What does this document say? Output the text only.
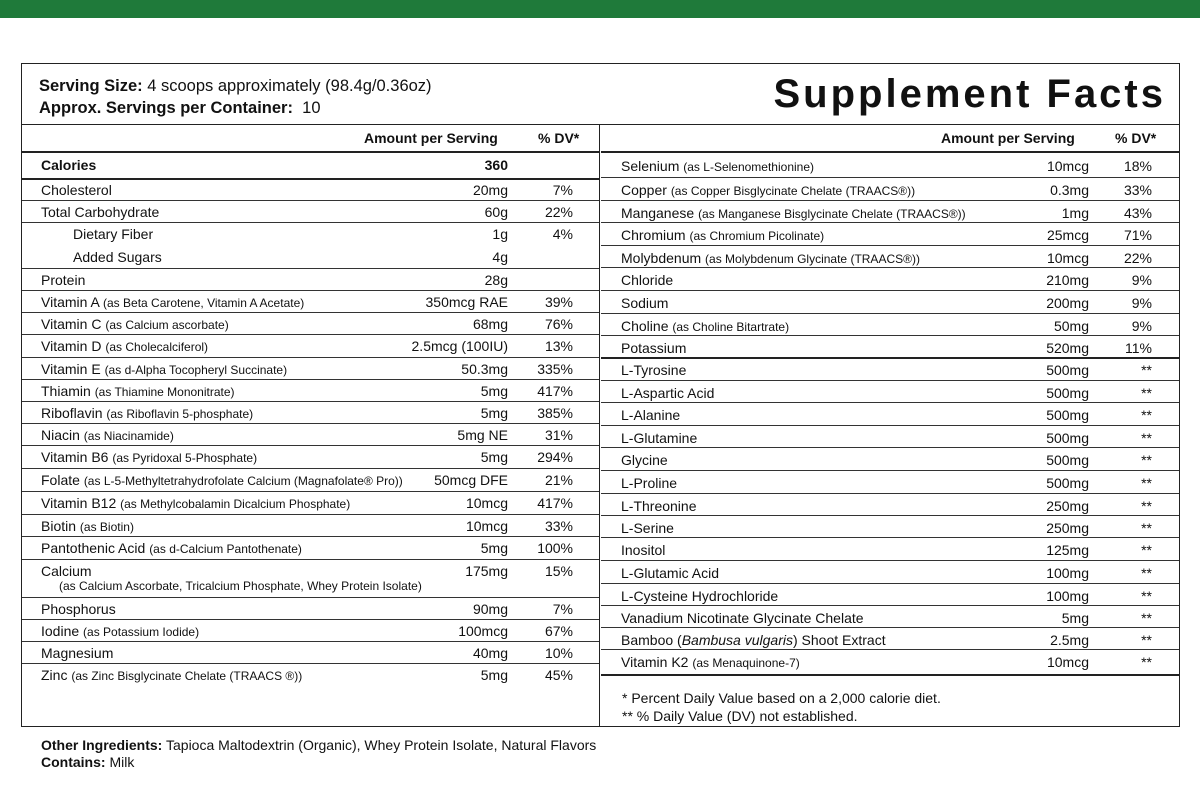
Serving Size: 4 scoops approximately (98.4g/0.36oz)
Approx. Servings per Container: 10	Supplement Facts
Amount per Serving	% DV*
Calories	360
Cholesterol	20mg	7%
Total Carbohydrate	60g	22%
Dietary Fiber	1g	4%
Added Sugars	4g
Protein	28g
Vitamin A (as Beta Carotene, Vitamin A Acetate)	350mcg RAE	39%
Vitamin C (as Calcium ascorbate)	68mg	76%
Vitamin D (as Cholecalciferol)	2.5mcg (100IU)	13%
Vitamin E (as d-Alpha Tocopheryl Succinate)	50.3mg 335%
Thiamin (as Thiamine Mononitrate)	5mg 417%
Riboflavin (as Riboflavin 5-phosphate)	5mg 385%
Niacin (as Niacinamide)	5mg NE	31%
Vitamin B6 (as Pyridoxal 5-Phosphate)	5mg 294%
Folate (as L-5-Methyltetrahydrofolate Calcium (Magnafolate® Pro)) 50mcg DFE	21%
Vitamin B12 (as Methylcobalamin Dicalcium Phosphate)	10mcg 417%
Biotin (as Biotin)	10mcg	33%
Pantothenic Acid (as d-Calcium Pantothenate)	5mg 100%
Calcium	175mg	15%
(as Calcium Ascorbate, Tricalcium Phosphate, Whey Protein Isolate)
Phosphorus	90mg	7%
Iodine (as Potassium Iodide)	100mcg	67%
Magnesium	40mg	10%
Zinc (as Zinc Bisglycinate Chelate (TRAACS ®))	5mg	45%
Amount per Serving	% DV*
* Percent Daily Value based on a 2,000 calorie diet.
** % Daily Value (DV) not established.
Selenium (as L-Selenomethionine)	10mcg 18%
Copper (as Copper Bisglycinate Chelate (TRAACS®))	0.3mg 33%
Manganese (as Manganese Bisglycinate Chelate (TRAACS®))	1mg 43%
Chromium (as Chromium Picolinate)	25mcg 71%
Molybdenum (as Molybdenum Glycinate (TRAACS®))	10mcg 22%
Chloride	210mg	9%
Sodium	200mg	9%
Choline (as Choline Bitartrate)	50mg	9%
Potassium	520mg	11%
L-Tyrosine	500mg	**
L-Aspartic Acid	500mg	**
L-Alanine	500mg	**
L-Glutamine	500mg	**
Glycine	500mg	**
L-Proline	500mg	**
L-Threonine	250mg	**
L-Serine	250mg	**
Inositol	125mg	**
L-Glutamic Acid	100mg	**
L-Cysteine Hydrochloride	100mg	**
Vanadium Nicotinate Glycinate Chelate	5mg	**
Bamboo (Bambusa vulgaris) Shoot Extract	2.5mg	**
Vitamin K2 (as Menaquinone-7)	10mcg	**
Other Ingredients: Tapioca Maltodextrin (Organic), Whey Protein Isolate, Natural Flavors
Contains: Milk
